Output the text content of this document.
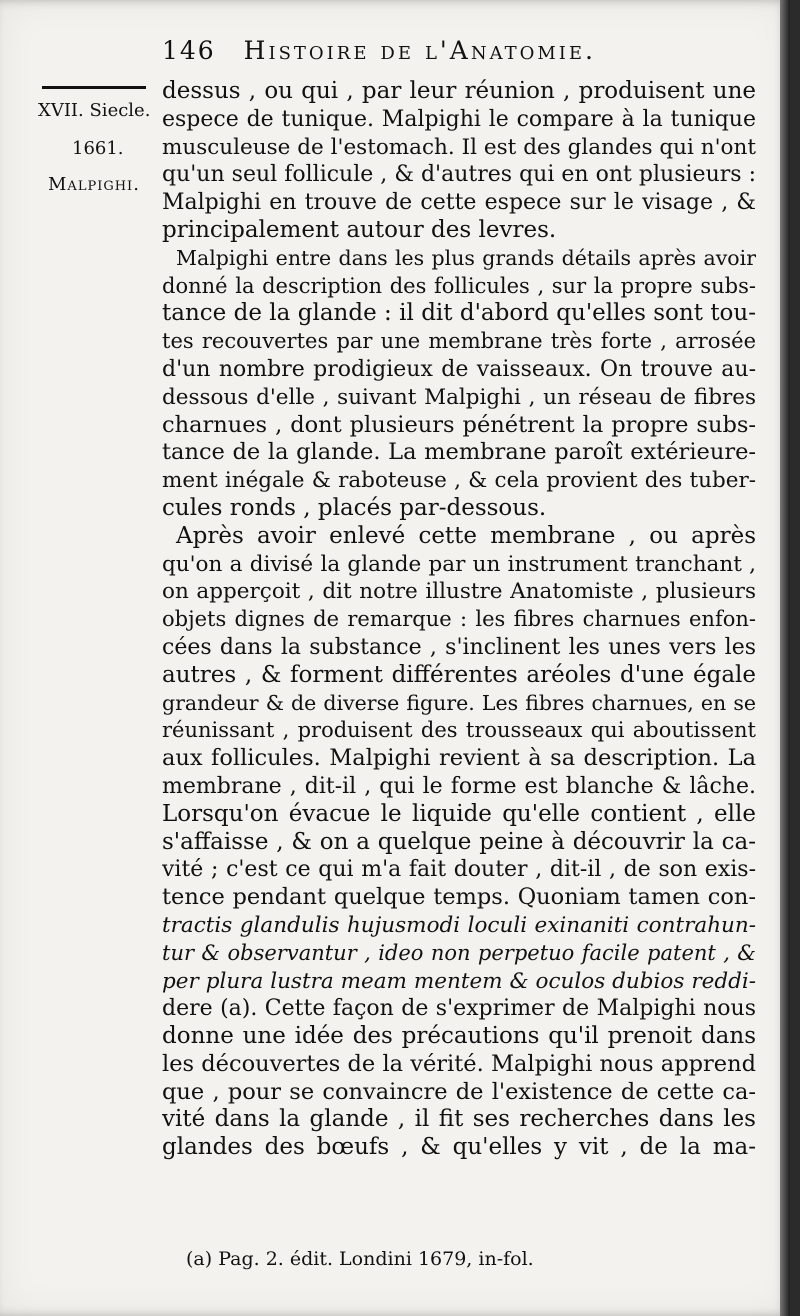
146 Histoire de l'Anatomie.
XVII. Siecle.
1661.
Malpighi.
dessus , ou qui , par leur réunion , produisent une
espece de tunique. Malpighi le compare à la tunique
musculeuse de l'estomach. Il est des glandes qui n'ont
qu'un seul follicule , & d'autres qui en ont plusieurs :
Malpighi en trouve de cette espece sur le visage , &
principalement autour des levres.
Malpighi entre dans les plus grands détails après avoir
donné la description des follicules , sur la propre subs-
tance de la glande : il dit d'abord qu'elles sont tou-
tes recouvertes par une membrane très forte , arrosée
d'un nombre prodigieux de vaisseaux. On trouve au-
dessous d'elle , suivant Malpighi , un réseau de fibres
charnues , dont plusieurs pénétrent la propre subs-
tance de la glande. La membrane paroît extérieure-
ment inégale & raboteuse , & cela provient des tuber-
cules ronds , placés par-dessous.
Après avoir enlevé cette membrane , ou après
qu'on a divisé la glande par un instrument tranchant ,
on apperçoit , dit notre illustre Anatomiste , plusieurs
objets dignes de remarque : les fibres charnues enfon-
cées dans la substance , s'inclinent les unes vers les
autres , & forment différentes aréoles d'une égale
grandeur & de diverse figure. Les fibres charnues, en se
réunissant , produisent des trousseaux qui aboutissent
aux follicules. Malpighi revient à sa description. La
membrane , dit-il , qui le forme est blanche & lâche.
Lorsqu'on évacue le liquide qu'elle contient , elle
s'affaisse , & on a quelque peine à découvrir la ca-
vité ; c'est ce qui m'a fait douter , dit-il , de son exis-
tence pendant quelque temps. Quoniam tamen con-
tractis glandulis hujusmodi loculi exinaniti contrahun-
tur & observantur , ideo non perpetuo facile patent , &
per plura lustra meam mentem & oculos dubios reddi-
dere (a). Cette façon de s'exprimer de Malpighi nous
donne une idée des précautions qu'il prenoit dans
les découvertes de la vérité. Malpighi nous apprend
que , pour se convaincre de l'existence de cette ca-
vité dans la glande , il fit ses recherches dans les
glandes des bœufs , & qu'elles y vit , de la ma-
(a) Pag. 2. édit. Londini 1679, in-fol.
